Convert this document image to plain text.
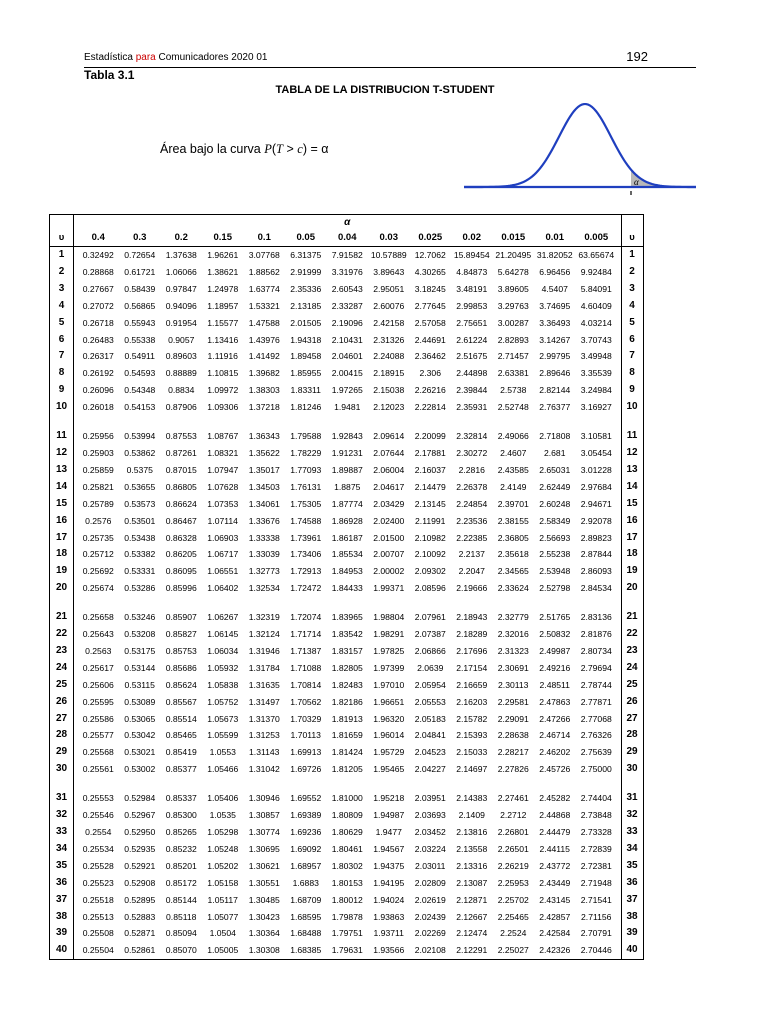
Estadística para Comunicadores 2020 01	192
Tabla 3.1
TABLA DE LA DISTRIBUCION T-STUDENT
Área bajo la curva P(T > c) = α
α
		α														
υ		0.4	0.3	0.2	0.15	0.1	0.05	0.04	0.03	0.025	0.02	0.015	0.01	0.005		υ
1		0.32492	0.72654	1.37638	1.96261	3.07768	6.31375	7.91582	10.57889	12.7062	15.89454	21.20495	31.82052	63.65674		1
2		0.28868	0.61721	1.06066	1.38621	1.88562	2.91999	3.31976	3.89643	4.30265	4.84873	5.64278	6.96456	9.92484		2
3		0.27667	0.58439	0.97847	1.24978	1.63774	2.35336	2.60543	2.95051	3.18245	3.48191	3.89605	4.5407	5.84091		3
4		0.27072	0.56865	0.94096	1.18957	1.53321	2.13185	2.33287	2.60076	2.77645	2.99853	3.29763	3.74695	4.60409		4
5		0.26718	0.55943	0.91954	1.15577	1.47588	2.01505	2.19096	2.42158	2.57058	2.75651	3.00287	3.36493	4.03214		5
6		0.26483	0.55338	0.9057	1.13416	1.43976	1.94318	2.10431	2.31326	2.44691	2.61224	2.82893	3.14267	3.70743		6
7		0.26317	0.54911	0.89603	1.11916	1.41492	1.89458	2.04601	2.24088	2.36462	2.51675	2.71457	2.99795	3.49948		7
8		0.26192	0.54593	0.88889	1.10815	1.39682	1.85955	2.00415	2.18915	2.306	2.44898	2.63381	2.89646	3.35539		8
9		0.26096	0.54348	0.8834	1.09972	1.38303	1.83311	1.97265	2.15038	2.26216	2.39844	2.5738	2.82144	3.24984		9
10		0.26018	0.54153	0.87906	1.09306	1.37218	1.81246	1.9481	2.12023	2.22814	2.35931	2.52748	2.76377	3.16927		10

11		0.25956	0.53994	0.87553	1.08767	1.36343	1.79588	1.92843	2.09614	2.20099	2.32814	2.49066	2.71808	3.10581		11
12		0.25903	0.53862	0.87261	1.08321	1.35622	1.78229	1.91231	2.07644	2.17881	2.30272	2.4607	2.681	3.05454		12
13		0.25859	0.5375	0.87015	1.07947	1.35017	1.77093	1.89887	2.06004	2.16037	2.2816	2.43585	2.65031	3.01228		13
14		0.25821	0.53655	0.86805	1.07628	1.34503	1.76131	1.8875	2.04617	2.14479	2.26378	2.4149	2.62449	2.97684		14
15		0.25789	0.53573	0.86624	1.07353	1.34061	1.75305	1.87774	2.03429	2.13145	2.24854	2.39701	2.60248	2.94671		15
16		0.2576	0.53501	0.86467	1.07114	1.33676	1.74588	1.86928	2.02400	2.11991	2.23536	2.38155	2.58349	2.92078		16
17		0.25735	0.53438	0.86328	1.06903	1.33338	1.73961	1.86187	2.01500	2.10982	2.22385	2.36805	2.56693	2.89823		17
18		0.25712	0.53382	0.86205	1.06717	1.33039	1.73406	1.85534	2.00707	2.10092	2.2137	2.35618	2.55238	2.87844		18
19		0.25692	0.53331	0.86095	1.06551	1.32773	1.72913	1.84953	2.00002	2.09302	2.2047	2.34565	2.53948	2.86093		19
20		0.25674	0.53286	0.85996	1.06402	1.32534	1.72472	1.84433	1.99371	2.08596	2.19666	2.33624	2.52798	2.84534		20

21		0.25658	0.53246	0.85907	1.06267	1.32319	1.72074	1.83965	1.98804	2.07961	2.18943	2.32779	2.51765	2.83136		21
22		0.25643	0.53208	0.85827	1.06145	1.32124	1.71714	1.83542	1.98291	2.07387	2.18289	2.32016	2.50832	2.81876		22
23		0.2563	0.53175	0.85753	1.06034	1.31946	1.71387	1.83157	1.97825	2.06866	2.17696	2.31323	2.49987	2.80734		23
24		0.25617	0.53144	0.85686	1.05932	1.31784	1.71088	1.82805	1.97399	2.0639	2.17154	2.30691	2.49216	2.79694		24
25		0.25606	0.53115	0.85624	1.05838	1.31635	1.70814	1.82483	1.97010	2.05954	2.16659	2.30113	2.48511	2.78744		25
26		0.25595	0.53089	0.85567	1.05752	1.31497	1.70562	1.82186	1.96651	2.05553	2.16203	2.29581	2.47863	2.77871		26
27		0.25586	0.53065	0.85514	1.05673	1.31370	1.70329	1.81913	1.96320	2.05183	2.15782	2.29091	2.47266	2.77068		27
28		0.25577	0.53042	0.85465	1.05599	1.31253	1.70113	1.81659	1.96014	2.04841	2.15393	2.28638	2.46714	2.76326		28
29		0.25568	0.53021	0.85419	1.0553	1.31143	1.69913	1.81424	1.95729	2.04523	2.15033	2.28217	2.46202	2.75639		29
30		0.25561	0.53002	0.85377	1.05466	1.31042	1.69726	1.81205	1.95465	2.04227	2.14697	2.27826	2.45726	2.75000		30

31		0.25553	0.52984	0.85337	1.05406	1.30946	1.69552	1.81000	1.95218	2.03951	2.14383	2.27461	2.45282	2.74404		31
32		0.25546	0.52967	0.85300	1.0535	1.30857	1.69389	1.80809	1.94987	2.03693	2.1409	2.2712	2.44868	2.73848		32
33		0.2554	0.52950	0.85265	1.05298	1.30774	1.69236	1.80629	1.9477	2.03452	2.13816	2.26801	2.44479	2.73328		33
34		0.25534	0.52935	0.85232	1.05248	1.30695	1.69092	1.80461	1.94567	2.03224	2.13558	2.26501	2.44115	2.72839		34
35		0.25528	0.52921	0.85201	1.05202	1.30621	1.68957	1.80302	1.94375	2.03011	2.13316	2.26219	2.43772	2.72381		35
36		0.25523	0.52908	0.85172	1.05158	1.30551	1.6883	1.80153	1.94195	2.02809	2.13087	2.25953	2.43449	2.71948		36
37		0.25518	0.52895	0.85144	1.05117	1.30485	1.68709	1.80012	1.94024	2.02619	2.12871	2.25702	2.43145	2.71541		37
38		0.25513	0.52883	0.85118	1.05077	1.30423	1.68595	1.79878	1.93863	2.02439	2.12667	2.25465	2.42857	2.71156		38
39		0.25508	0.52871	0.85094	1.0504	1.30364	1.68488	1.79751	1.93711	2.02269	2.12474	2.2524	2.42584	2.70791		39
40		0.25504	0.52861	0.85070	1.05005	1.30308	1.68385	1.79631	1.93566	2.02108	2.12291	2.25027	2.42326	2.70446		40
